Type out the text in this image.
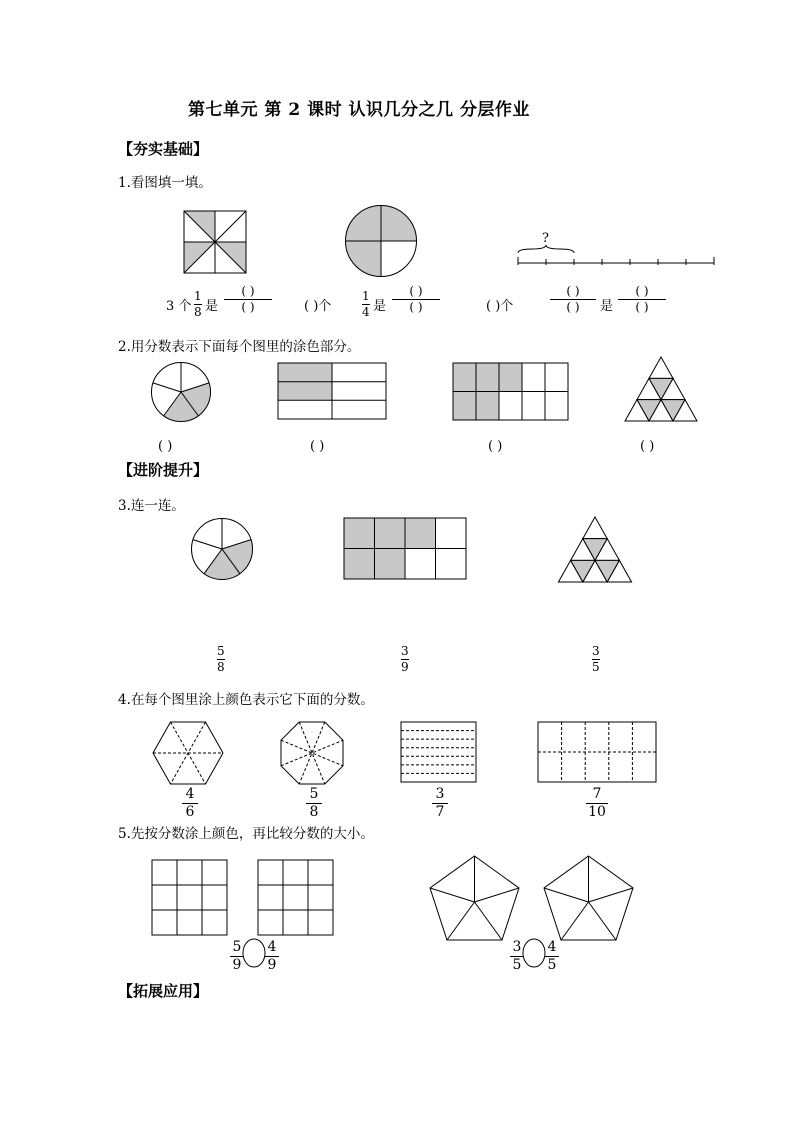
第七单元 第 2 课时 认识几分之几 分层作业
【夯实基础】
1.看图填一填。
?
3 个
1
8 是
( )
( )	( )个
1
4 是
( )
( )	( )个
( )
( ) 是
( )
( )
2.用分数表示下面每个图里的涂色部分。
( )	( )	( )	( )
【进阶提升】
3.连一连。
5
8
3
9
3
5
4.在每个图里涂上颜色表示它下面的分数。
4
6
5
8
3
7
7
10
5.先按分数涂上颜色，再比较分数的大小。
5
9
4
9
3
5
4
5
【拓展应用】
